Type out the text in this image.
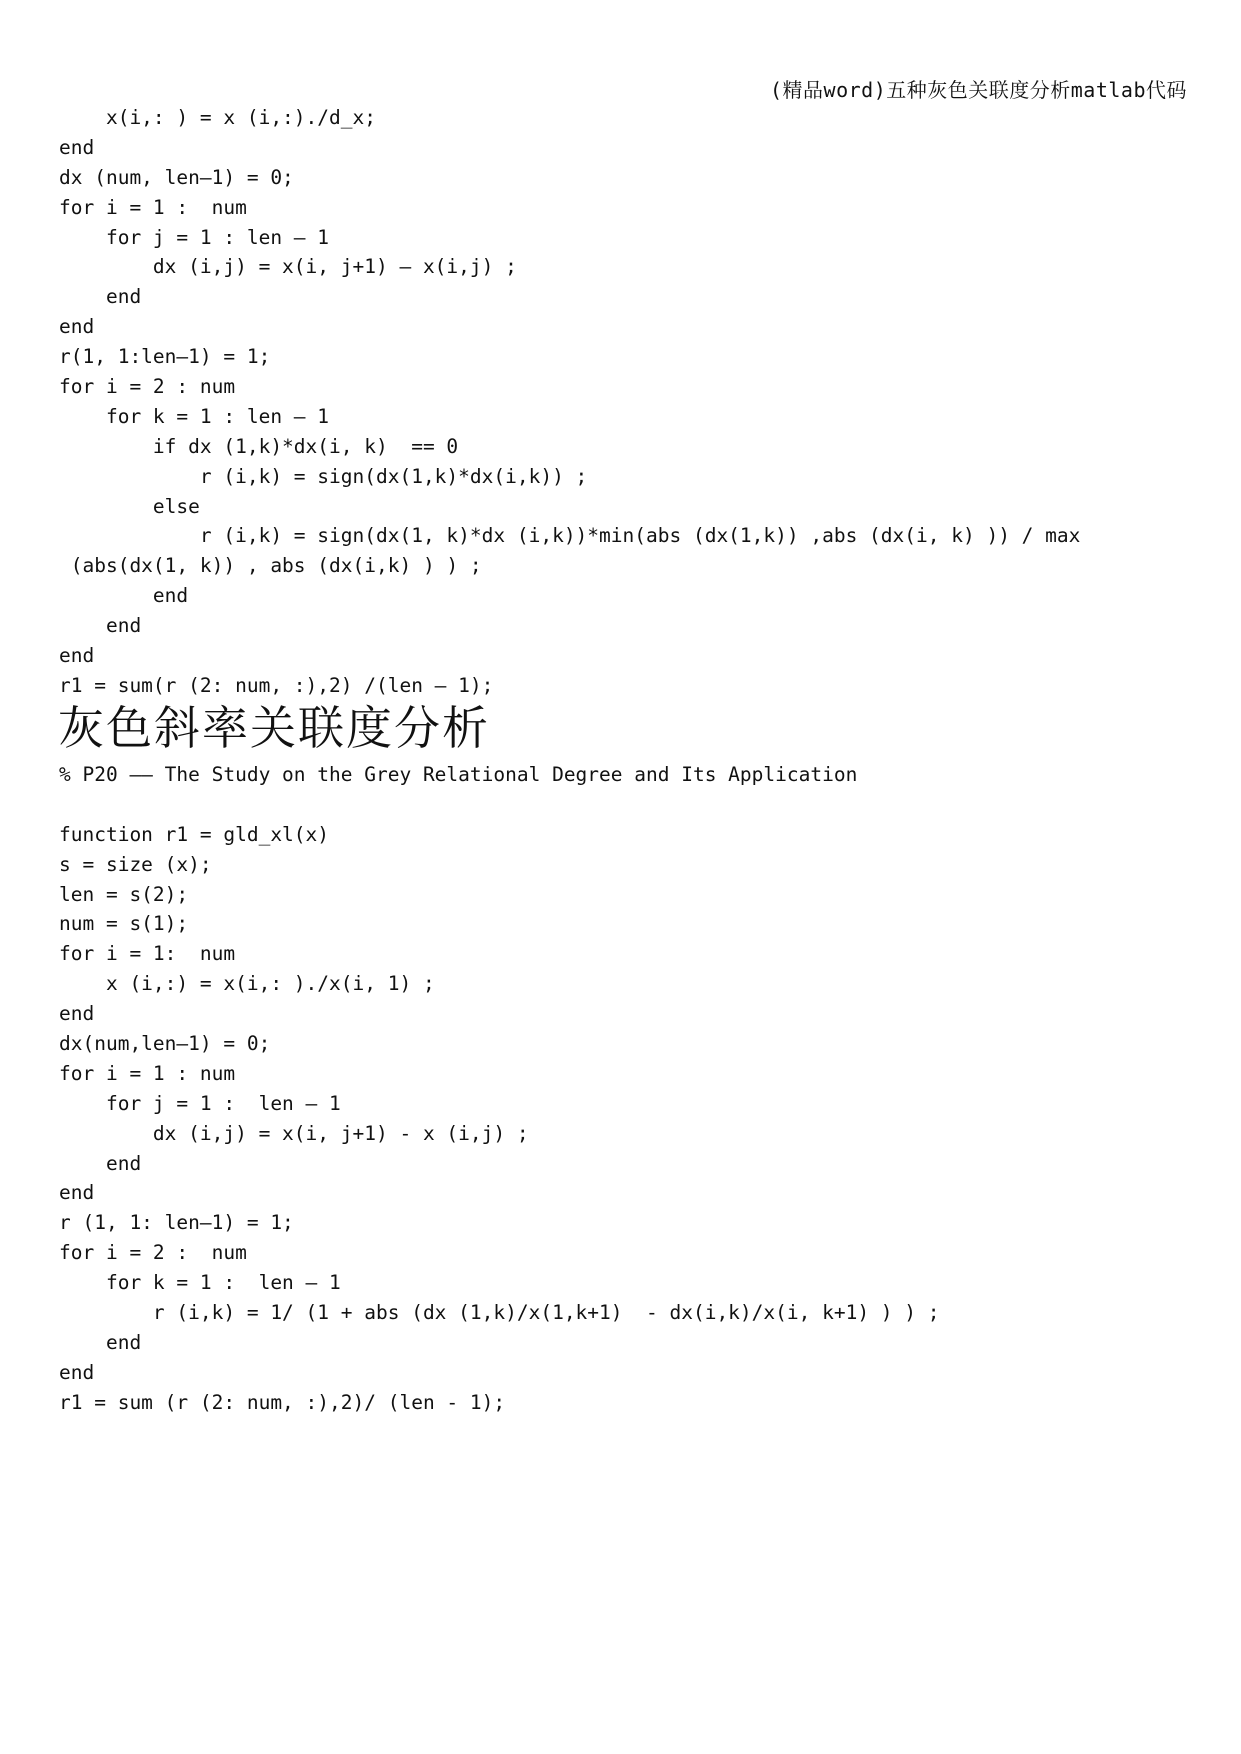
(精品word)五种灰色关联度分析matlab代码
x(i,: ) = x (i,:)./d_x;
end
dx (num, len—1) = 0;
for i = 1 :  num
for j = 1 : len — 1
dx (i,j) = x(i, j+1) — x(i,j) ;
end
end
r(1, 1:len—1) = 1;
for i = 2 : num
for k = 1 : len — 1
if dx (1,k)*dx(i, k)  == 0
r (i,k) = sign(dx(1,k)*dx(i,k)) ;
else
r (i,k) = sign(dx(1, k)*dx (i,k))*min(abs (dx(1,k)) ,abs (dx(i, k) )) / max
(abs(dx(1, k)) , abs (dx(i,k) ) ) ;
end
end
end
r1 = sum(r (2: num, :),2) /(len — 1);
灰色斜率关联度分析
% P20 —— The Study on the Grey Relational Degree and Its Application
function r1 = gld_xl(x)
s = size (x);
len = s(2);
num = s(1);
for i = 1:  num
x (i,:) = x(i,: )./x(i, 1) ;
end
dx(num,len—1) = 0;
for i = 1 : num
for j = 1 :  len — 1
dx (i,j) = x(i, j+1) - x (i,j) ;
end
end
r (1, 1: len—1) = 1;
for i = 2 :  num
for k = 1 :  len — 1
r (i,k) = 1/ (1 + abs (dx (1,k)/x(1,k+1)  - dx(i,k)/x(i, k+1) ) ) ;
end
end
r1 = sum (r (2: num, :),2)/ (len - 1);
